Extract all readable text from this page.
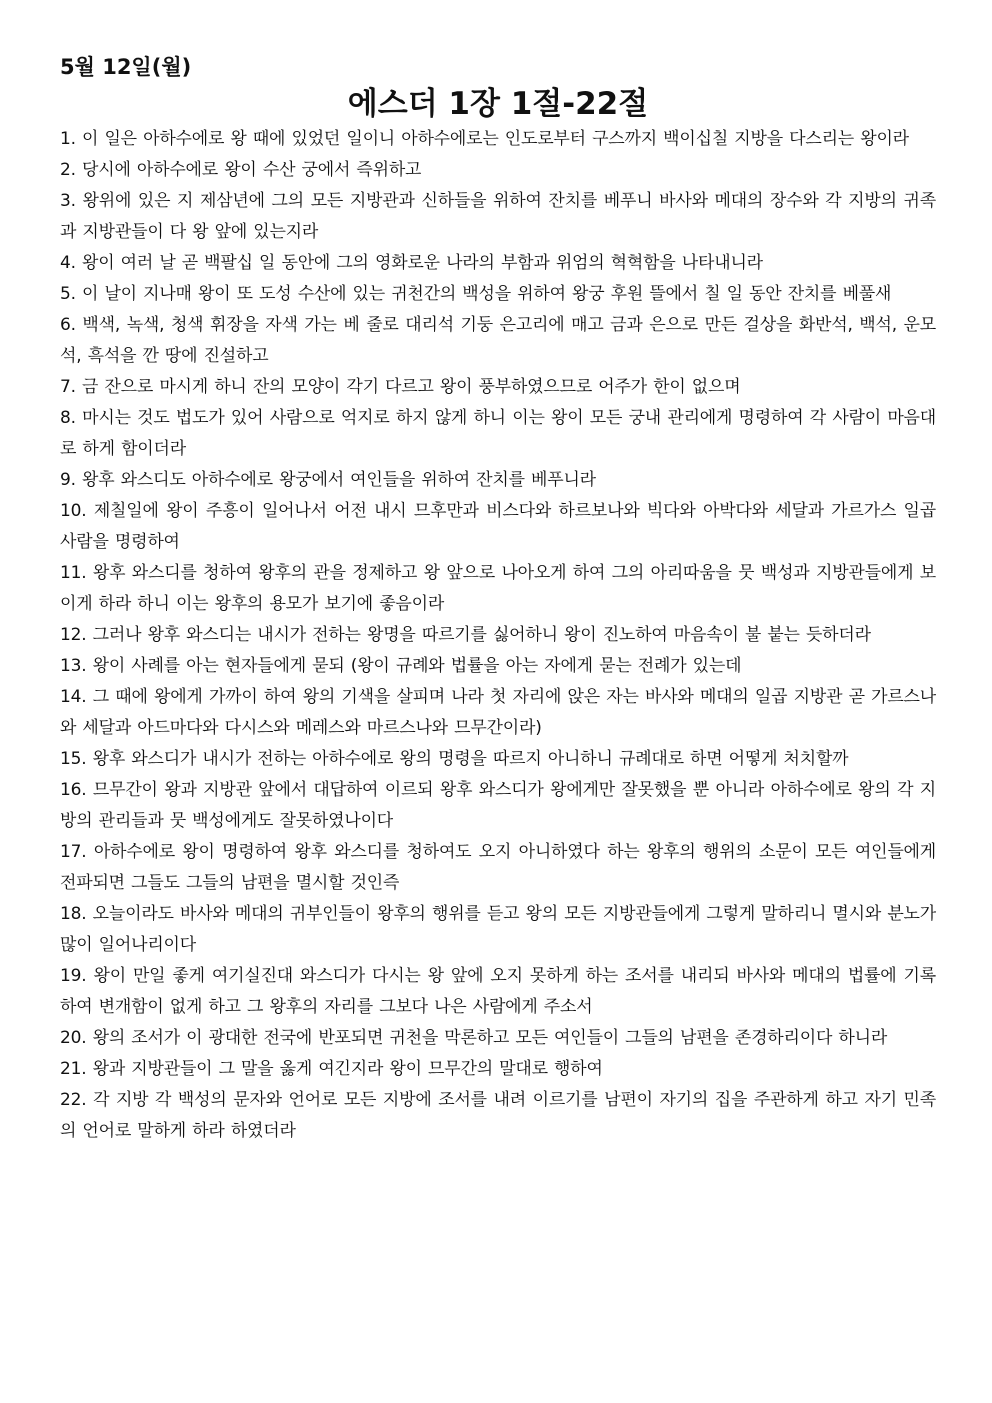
5월 12일(월)
에스더 1장 1절-22절

1. 이 일은 아하수에로 왕 때에 있었던 일이니 아하수에로는 인도로부터 구스까지 백이십칠 지방을 다스리는 왕이라

2. 당시에 아하수에로 왕이 수산 궁에서 즉위하고

3. 왕위에 있은 지 제삼년에 그의 모든 지방관과 신하들을 위하여 잔치를 베푸니 바사와 메대의 장수와 각 지방의 귀족과 지방관들이 다 왕 앞에 있는지라

4. 왕이 여러 날 곧 백팔십 일 동안에 그의 영화로운 나라의 부함과 위엄의 혁혁함을 나타내니라

5. 이 날이 지나매 왕이 또 도성 수산에 있는 귀천간의 백성을 위하여 왕궁 후원 뜰에서 칠 일 동안 잔치를 베풀새

6. 백색, 녹색, 청색 휘장을 자색 가는 베 줄로 대리석 기둥 은고리에 매고 금과 은으로 만든 걸상을 화반석, 백석, 운모석, 흑석을 깐 땅에 진설하고

7. 금 잔으로 마시게 하니 잔의 모양이 각기 다르고 왕이 풍부하였으므로 어주가 한이 없으며

8. 마시는 것도 법도가 있어 사람으로 억지로 하지 않게 하니 이는 왕이 모든 궁내 관리에게 명령하여 각 사람이 마음대로 하게 함이더라

9. 왕후 와스디도 아하수에로 왕궁에서 여인들을 위하여 잔치를 베푸니라

10. 제칠일에 왕이 주흥이 일어나서 어전 내시 므후만과 비스다와 하르보나와 빅다와 아박다와 세달과 가르가스 일곱 사람을 명령하여

11. 왕후 와스디를 청하여 왕후의 관을 정제하고 왕 앞으로 나아오게 하여 그의 아리따움을 뭇 백성과 지방관들에게 보이게 하라 하니 이는 왕후의 용모가 보기에 좋음이라

12. 그러나 왕후 와스디는 내시가 전하는 왕명을 따르기를 싫어하니 왕이 진노하여 마음속이 불 붙는 듯하더라

13. 왕이 사례를 아는 현자들에게 묻되 (왕이 규례와 법률을 아는 자에게 묻는 전례가 있는데

14. 그 때에 왕에게 가까이 하여 왕의 기색을 살피며 나라 첫 자리에 앉은 자는 바사와 메대의 일곱 지방관 곧 가르스나와 세달과 아드마다와 다시스와 메레스와 마르스나와 므무간이라)

15. 왕후 와스디가 내시가 전하는 아하수에로 왕의 명령을 따르지 아니하니 규례대로 하면 어떻게 처치할까

16. 므무간이 왕과 지방관 앞에서 대답하여 이르되 왕후 와스디가 왕에게만 잘못했을 뿐 아니라 아하수에로 왕의 각 지방의 관리들과 뭇 백성에게도 잘못하였나이다

17. 아하수에로 왕이 명령하여 왕후 와스디를 청하여도 오지 아니하였다 하는 왕후의 행위의 소문이 모든 여인들에게 전파되면 그들도 그들의 남편을 멸시할 것인즉

18. 오늘이라도 바사와 메대의 귀부인들이 왕후의 행위를 듣고 왕의 모든 지방관들에게 그렇게 말하리니 멸시와 분노가 많이 일어나리이다

19. 왕이 만일 좋게 여기실진대 와스디가 다시는 왕 앞에 오지 못하게 하는 조서를 내리되 바사와 메대의 법률에 기록하여 변개함이 없게 하고 그 왕후의 자리를 그보다 나은 사람에게 주소서

20. 왕의 조서가 이 광대한 전국에 반포되면 귀천을 막론하고 모든 여인들이 그들의 남편을 존경하리이다 하니라

21. 왕과 지방관들이 그 말을 옳게 여긴지라 왕이 므무간의 말대로 행하여

22. 각 지방 각 백성의 문자와 언어로 모든 지방에 조서를 내려 이르기를 남편이 자기의 집을 주관하게 하고 자기 민족의 언어로 말하게 하라 하였더라
